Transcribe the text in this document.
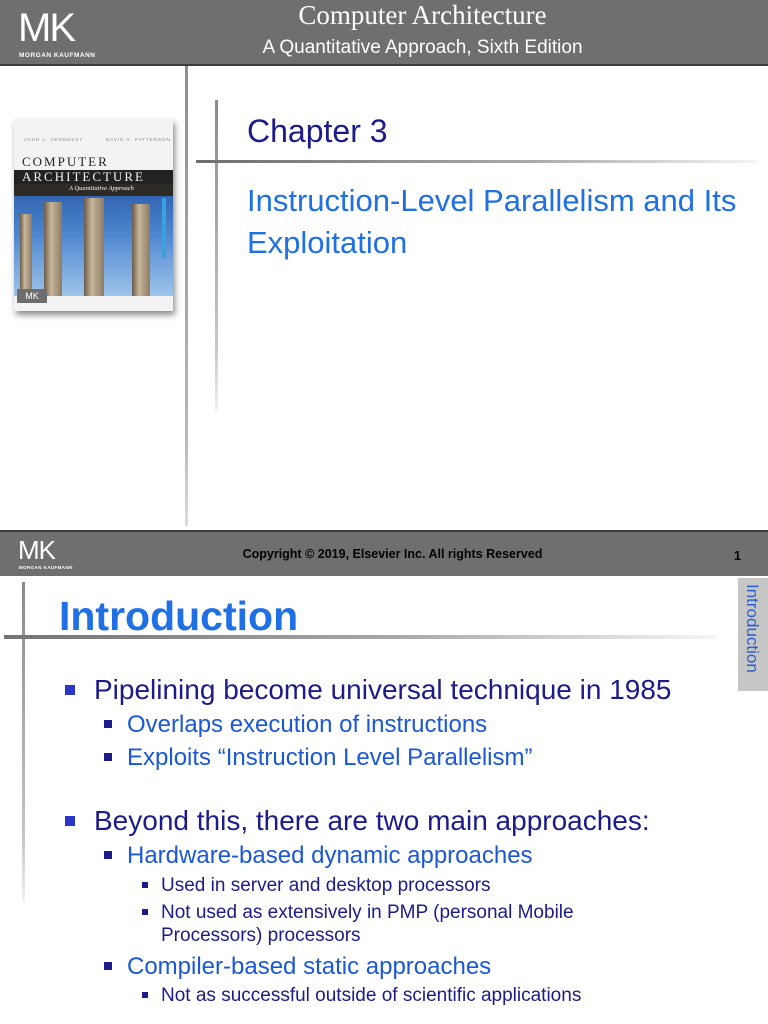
MK
MORGAN KAUFMANN
Computer Architecture
A Quantitative Approach, Sixth Edition
JOHN L. HENNESSY	DAVID A. PATTERSON
COMPUTER
ARCHITECTURE
A Quantitative Approach
MK
Chapter 3
Instruction-Level Parallelism and Its Exploitation
MK
MORGAN KAUFMANN
Copyright © 2019, Elsevier Inc. All rights Reserved	1
Introduction	Introduction
Pipelining become universal technique in 1985
Overlaps execution of instructions
Exploits “Instruction Level Parallelism”
Beyond this, there are two main approaches:
Hardware-based dynamic approaches
Used in server and desktop processors
Not used as extensively in PMP (personal Mobile
Processors) processors
Compiler-based static approaches
Not as successful outside of scientific applications
